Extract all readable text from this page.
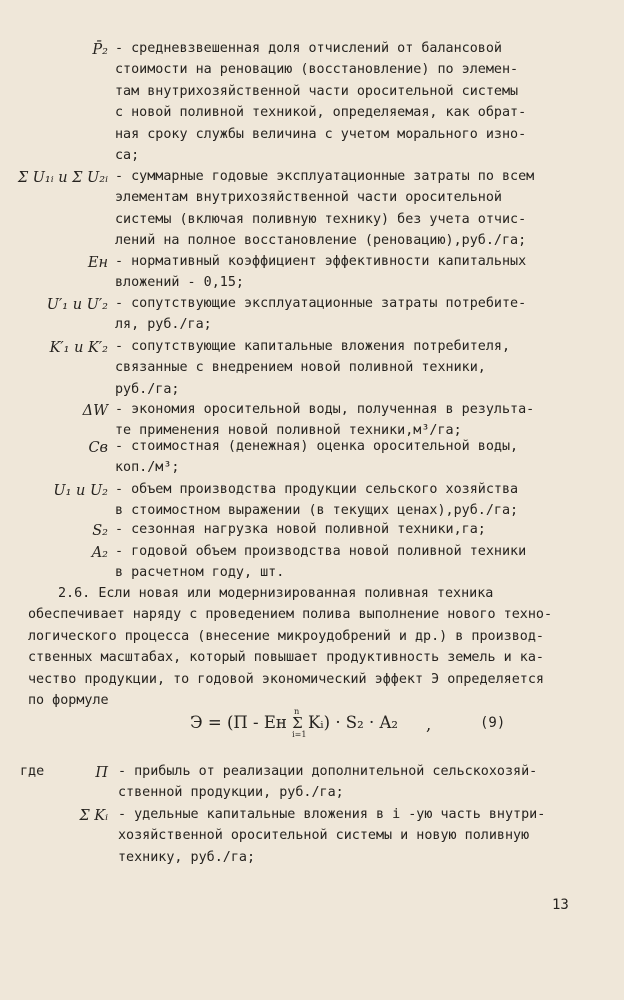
P̄₂ - средневзвешенная доля отчислений от балансовой
стоимости на реновацию (восстановление) по элемен-
там внутрихозяйственной части оросительной системы
с новой поливной техникой, определяемая, как обрат-
ная сроку службы величина с учетом морального изно-
са;
Σ U₁ᵢ и Σ U₂ᵢ - суммарные годовые эксплуатационные затраты по всем
элементам внутрихозяйственной части оросительной
системы (включая поливную технику) без учета отчис-
лений на полное восстановление (реновацию),руб./га;
Eн - нормативный коэффициент эффективности капитальных
вложений - 0,15;
U′₁ и U′₂ - сопутствующие эксплуатационные затраты потребите-
ля, руб./га;
K′₁ и K′₂ - сопутствующие капитальные вложения потребителя,
связанные с внедрением новой поливной техники,
руб./га;
ΔW - экономия оросительной воды, полученная в результа-
те применения новой поливной техники,м³/га;
Cв - стоимостная (денежная) оценка оросительной воды,
коп./м³;
U₁ и U₂ - объем производства продукции сельского хозяйства
в стоимостном выражении (в текущих ценах),руб./га;
S₂ - сезонная нагрузка новой поливной техники,га;
A₂ - годовой объем производства новой поливной техники
в расчетном году, шт.
2.6. Если новая или модернизированная поливная техника
обеспечивает наряду с проведением полива выполнение нового техно-
логического процесса (внесение микроудобрений и др.) в производ-
ственных масштабах, который повышает продуктивность земель и ка-
чество продукции, то годовой экономический эффект Э определяется
по формуле
Э = (П - Eн Σ
n
i=1
Kᵢ) · S₂ · A₂ ,	(9)
где	П - прибыль от реализации дополнительной сельскохозяй-
ственной продукции, руб./га;
Σ Kᵢ - удельные капитальные вложения в i -ую часть внутри-
хозяйственной оросительной системы и новую поливную
технику, руб./га;
13
